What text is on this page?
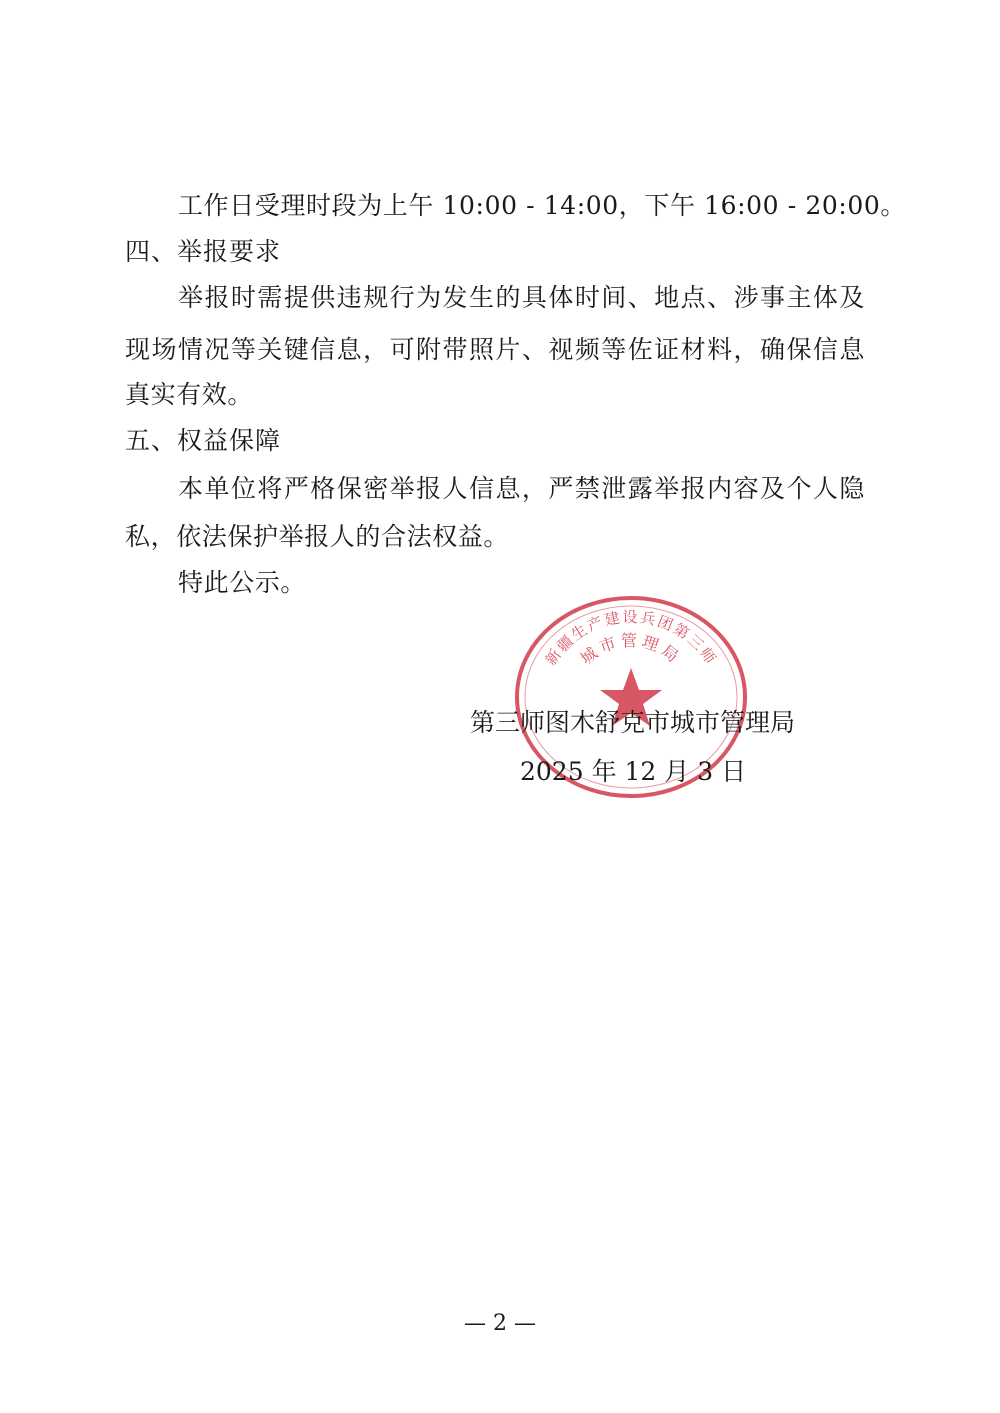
工作日受理时段为上午 10:00 - 14:00，下午 16:00 - 20:00。
四、举报要求
举报时需提供违规行为发生的具体时间、地点、涉事主体及
现场情况等关键信息，可附带照片、视频等佐证材料，确保信息
真实有效。
五、权益保障
本单位将严格保密举报人信息，严禁泄露举报内容及个人隐
私，依法保护举报人的合法权益。
特此公示。
新疆生产建设兵团第三师
城市管理局
第三师图木舒克市城市管理局
2025 年 12 月 3 日
— 2 —
